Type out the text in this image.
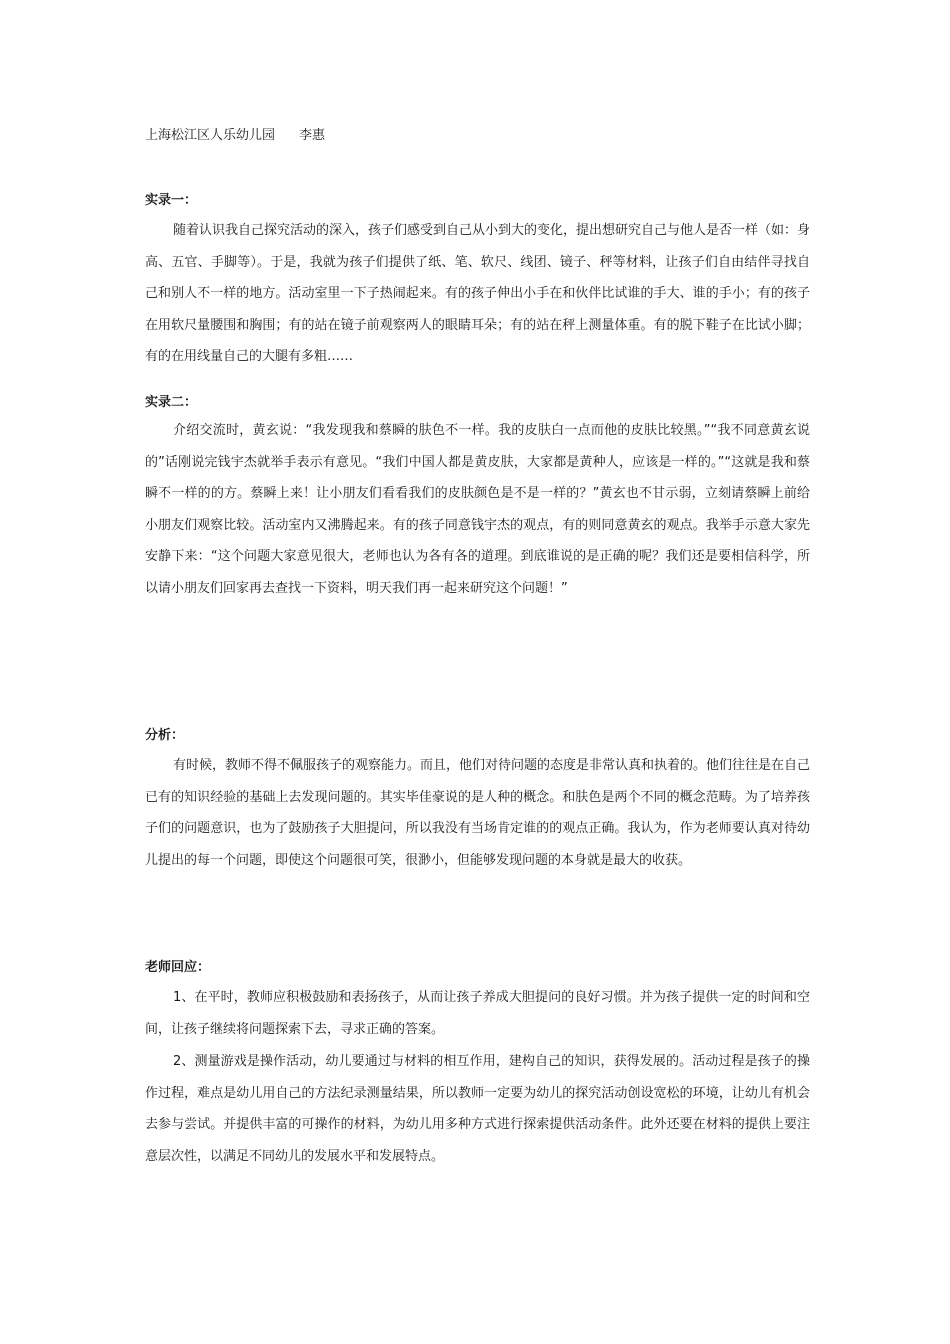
上海松江区人乐幼儿园 李惠
实录一：

随着认识我自己探究活动的深入，孩子们感受到自己从小到大的变化，提出想研究自己与他人是否一样（如：身高、五官、手脚等）。于是，我就为孩子们提供了纸、笔、软尺、线团、镜子、秤等材料，让孩子们自由结伴寻找自己和别人不一样的地方。活动室里一下子热闹起来。有的孩子伸出小手在和伙伴比试谁的手大、谁的手小；有的孩子在用软尺量腰围和胸围；有的站在镜子前观察两人的眼睛耳朵；有的站在秤上测量体重。有的脱下鞋子在比试小脚；有的在用线量自己的大腿有多粗……

实录二：

介绍交流时，黄玄说：“我发现我和蔡瞬的肤色不一样。我的皮肤白一点而他的皮肤比较黑。”“我不同意黄玄说的”话刚说完钱宇杰就举手表示有意见。“我们中国人都是黄皮肤，大家都是黄种人，应该是一样的。”“这就是我和蔡瞬不一样的的方。蔡瞬上来！让小朋友们看看我们的皮肤颜色是不是一样的？”黄玄也不甘示弱，立刻请蔡瞬上前给小朋友们观察比较。活动室内又沸腾起来。有的孩子同意钱宇杰的观点，有的则同意黄玄的观点。我举手示意大家先安静下来：“这个问题大家意见很大，老师也认为各有各的道理。到底谁说的是正确的呢？我们还是要相信科学，所以请小朋友们回家再去查找一下资料，明天我们再一起来研究这个问题！”

分析：

有时候，教师不得不佩服孩子的观察能力。而且，他们对待问题的态度是非常认真和执着的。他们往往是在自己已有的知识经验的基础上去发现问题的。其实毕佳豪说的是人种的概念。和肤色是两个不同的概念范畴。为了培养孩子们的问题意识，也为了鼓励孩子大胆提问，所以我没有当场肯定谁的的观点正确。我认为，作为老师要认真对待幼儿提出的每一个问题，即使这个问题很可笑，很渺小，但能够发现问题的本身就是最大的收获。

老师回应：

1、在平时，教师应积极鼓励和表扬孩子，从而让孩子养成大胆提问的良好习惯。并为孩子提供一定的时间和空间，让孩子继续将问题探索下去，寻求正确的答案。

2、测量游戏是操作活动，幼儿要通过与材料的相互作用，建构自己的知识，获得发展的。活动过程是孩子的操作过程，难点是幼儿用自己的方法纪录测量结果，所以教师一定要为幼儿的探究活动创设宽松的环境，让幼儿有机会去参与尝试。并提供丰富的可操作的材料，为幼儿用多种方式进行探索提供活动条件。此外还要在材料的提供上要注意层次性，以满足不同幼儿的发展水平和发展特点。
